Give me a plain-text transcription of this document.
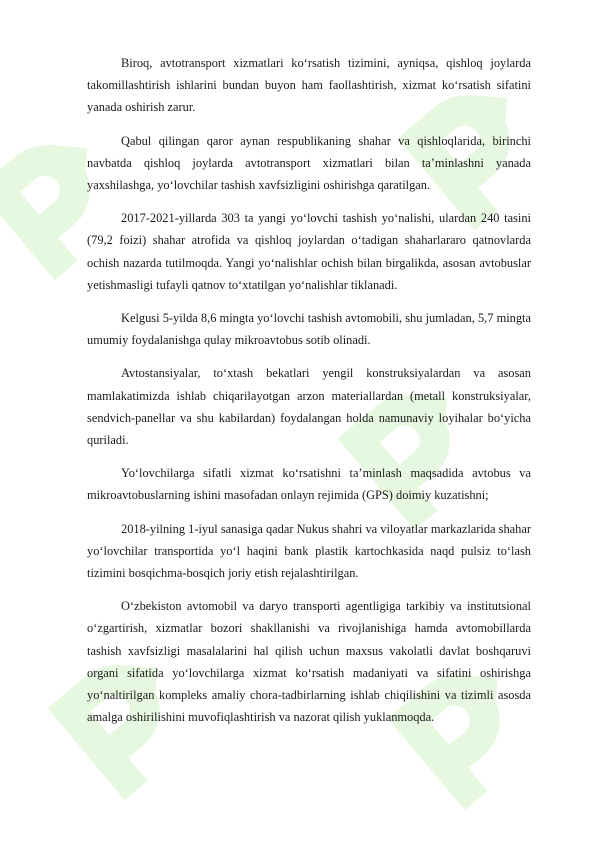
Biroq, avtotransport xizmatlari ko‘rsatish tizimini, ayniqsa, qishloq joylarda takomillashtirish ishlarini bundan buyon ham faollashtirish, xizmat ko‘rsatish sifatini yanada oshirish zarur.

Qabul qilingan qaror aynan respublikaning shahar va qishloqlarida, birinchi navbatda qishloq joylarda avtotransport xizmatlari bilan ta’minlashni yanada yaxshilashga, yo‘lovchilar tashish xavfsizligini oshirishga qaratilgan.

2017-2021-yillarda 303 ta yangi yo‘lovchi tashish yo‘nalishi, ulardan 240 tasini (79,2 foizi) shahar atrofida va qishloq joylardan o‘tadigan shaharlararo qatnovlarda ochish nazarda tutilmoqda. Yangi yo‘nalishlar ochish bilan birgalikda, asosan avtobuslar yetishmasligi tufayli qatnov to‘xtatilgan yo‘nalishlar tiklanadi.

Kelgusi 5-yilda 8,6 mingta yo‘lovchi tashish avtomobili, shu jumladan, 5,7 mingta umumiy foydalanishga qulay mikroavtobus sotib olinadi.

Avtostansiyalar, to‘xtash bekatlari yengil konstruksiyalardan va asosan mamlakatimizda ishlab chiqarilayotgan arzon materiallardan (metall konstruksiyalar, sendvich-panellar va shu kabilardan) foydalangan holda namunaviy loyihalar bo‘yicha quriladi.

Yo‘lovchilarga sifatli xizmat ko‘rsatishni ta’minlash maqsadida avtobus va mikroavtobuslarning ishini masofadan onlayn rejimida (GPS) doimiy kuzatishni;

2018-yilning 1-iyul sanasiga qadar Nukus shahri va viloyatlar markazlarida shahar yo‘lovchilar transportida yo‘l haqini bank plastik kartochkasida naqd pulsiz to‘lash tizimini bosqichma-bosqich joriy etish rejalashtirilgan.

O‘zbekiston avtomobil va daryo transporti agentligiga tarkibiy va institutsional o‘zgartirish, xizmatlar bozori shakllanishi va rivojlanishiga hamda avtomobillarda tashish xavfsizligi masalalarini hal qilish uchun maxsus vakolatli davlat boshqaruvi organi sifatida yo‘lovchilarga xizmat ko‘rsatish madaniyati va sifatini oshirishga yo‘naltirilgan kompleks amaliy chora-tadbirlarning ishlab chiqilishini va tizimli asosda amalga oshirilishini muvofiqlashtirish va nazorat qilish yuklanmoqda.
